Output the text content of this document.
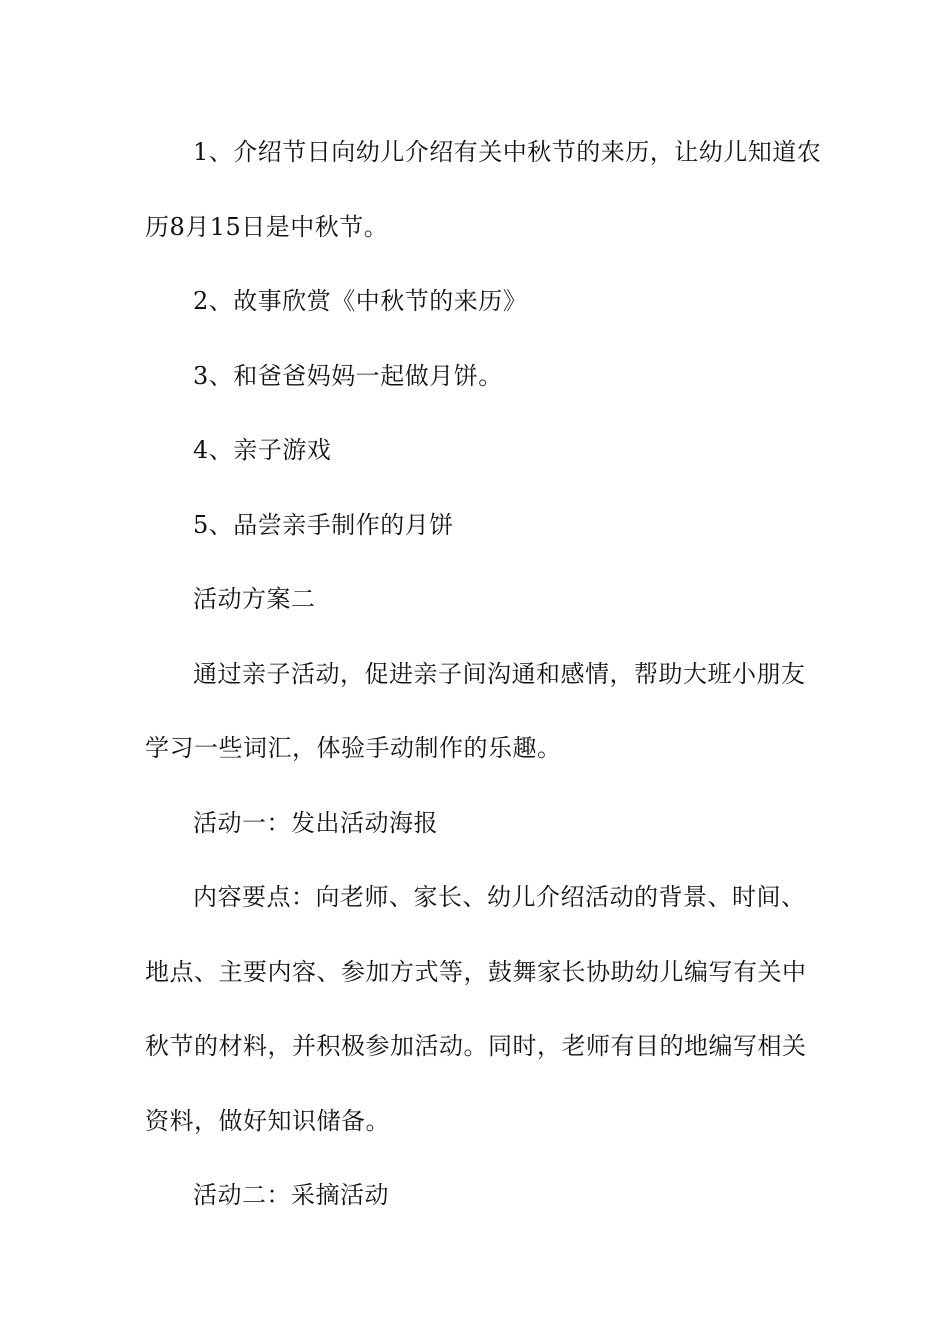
1、介绍节日向幼儿介绍有关中秋节的来历，让幼儿知道农
历8月15日是中秋节。
2、故事欣赏《中秋节的来历》
3、和爸爸妈妈一起做月饼。
4、亲子游戏
5、品尝亲手制作的月饼
活动方案二
通过亲子活动，促进亲子间沟通和感情，帮助大班小朋友
学习一些词汇，体验手动制作的乐趣。
活动一：发出活动海报
内容要点：向老师、家长、幼儿介绍活动的背景、时间、
地点、主要内容、参加方式等，鼓舞家长协助幼儿编写有关中
秋节的材料，并积极参加活动。同时，老师有目的地编写相关
资料，做好知识储备。
活动二：采摘活动
